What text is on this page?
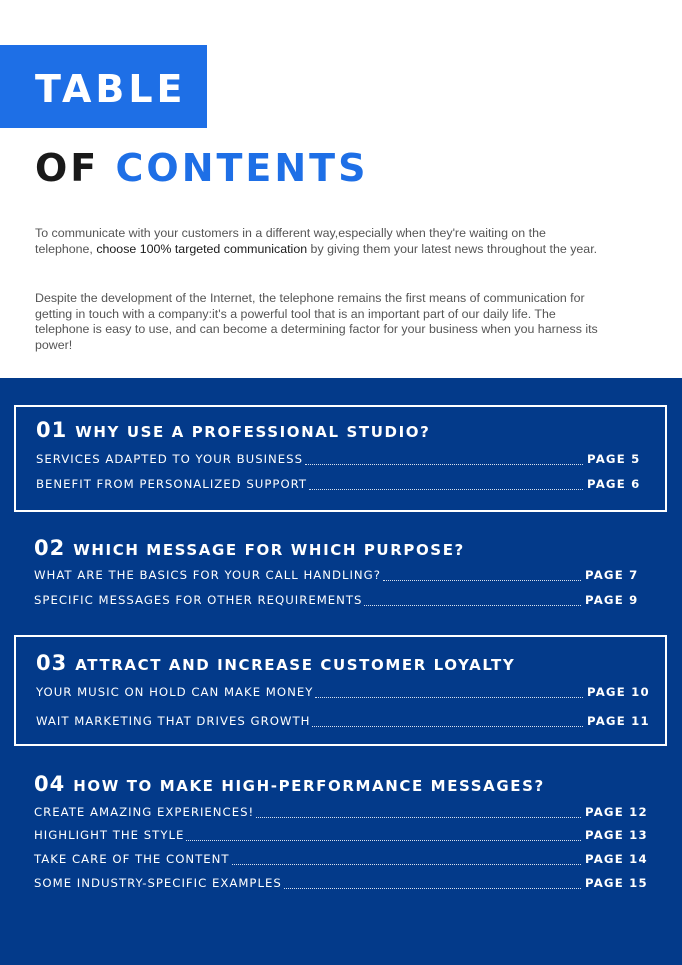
TABLE
OF CONTENTS

To communicate with your customers in a different way,especially when they're waiting on the telephone, choose 100% targeted communication by giving them your latest news throughout the year.

Despite the development of the Internet, the telephone remains the first means of communication for getting in touch with a company:it's a powerful tool that is an important part of our daily life. The telephone is easy to use, and can become a determining factor for your business when you harness its power!

01 WHY USE A PROFESSIONAL STUDIO?
SERVICES ADAPTED TO YOUR BUSINESS	PAGE 5
BENEFIT FROM PERSONALIZED SUPPORT	PAGE 6
02 WHICH MESSAGE FOR WHICH PURPOSE?
WHAT ARE THE BASICS FOR YOUR CALL HANDLING?	PAGE 7
SPECIFIC MESSAGES FOR OTHER REQUIREMENTS	PAGE 9
03 ATTRACT AND INCREASE CUSTOMER LOYALTY
YOUR MUSIC ON HOLD CAN MAKE MONEY	PAGE 10
WAIT MARKETING THAT DRIVES GROWTH	PAGE 11
04 HOW TO MAKE HIGH-PERFORMANCE MESSAGES?
CREATE AMAZING EXPERIENCES!	PAGE 12
HIGHLIGHT THE STYLE	PAGE 13
TAKE CARE OF THE CONTENT	PAGE 14
SOME INDUSTRY-SPECIFIC EXAMPLES	PAGE 15
